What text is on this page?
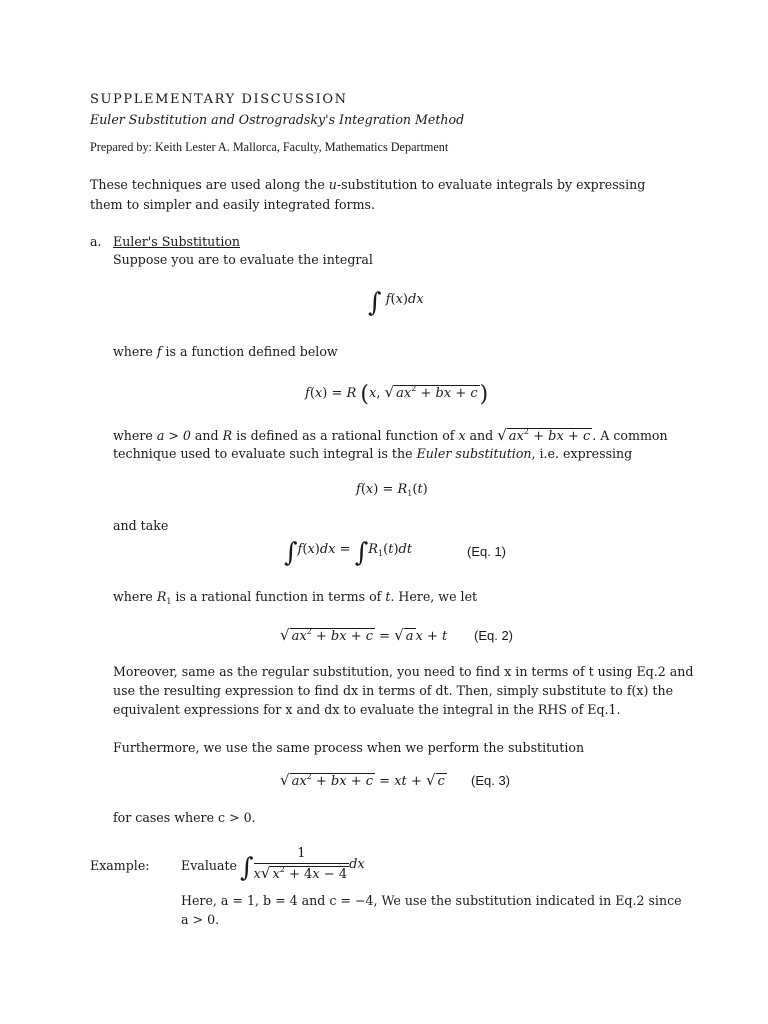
SUPPLEMENTARY DISCUSSION
Euler Substitution and Ostrogradsky's Integration Method
Prepared by: Keith Lester A. Mallorca, Faculty, Mathematics Department
These techniques are used along the u-substitution to evaluate integrals by expressing them to simpler and easily integrated forms.
a. Euler's Substitution
Suppose you are to evaluate the integral
∫ f(x)dx
where f is a function defined below
f(x) = R (x, √ $ax^2$ + bx + c)
where a > 0 and R is defined as a rational function of x and √ $ax^2$ + bx + c . A common
technique used to evaluate such integral is the Euler substitution, i.e. expressing
$f(x) = R_1(t)$
and take
$\int f(x)dx = \int R_1(t)dt$	(Eq. 1)
where $R_1$ is a rational function in terms of t. Here, we let
√ $ax^2$ + bx + c = √ a x + t (Eq. 2)
Moreover, same as the regular substitution, you need to find x in terms of t using Eq.2 and
use the resulting expression to find dx in terms of dt. Then, simply substitute to f(x) the
equivalent expressions for x and dx to evaluate the integral in the RHS of Eq.1.
Furthermore, we use the same process when we perform the substitution
√ $ax^2$ + bx + c = xt + √ c (Eq. 3)
for cases where c > 0.
Example: Evaluate ∫ $\frac{1}{x√ x^2 + 4x - 4}$ dx
Here, a = 1, b = 4 and c = −4, We use the substitution indicated in Eq.2 since
a > 0.
